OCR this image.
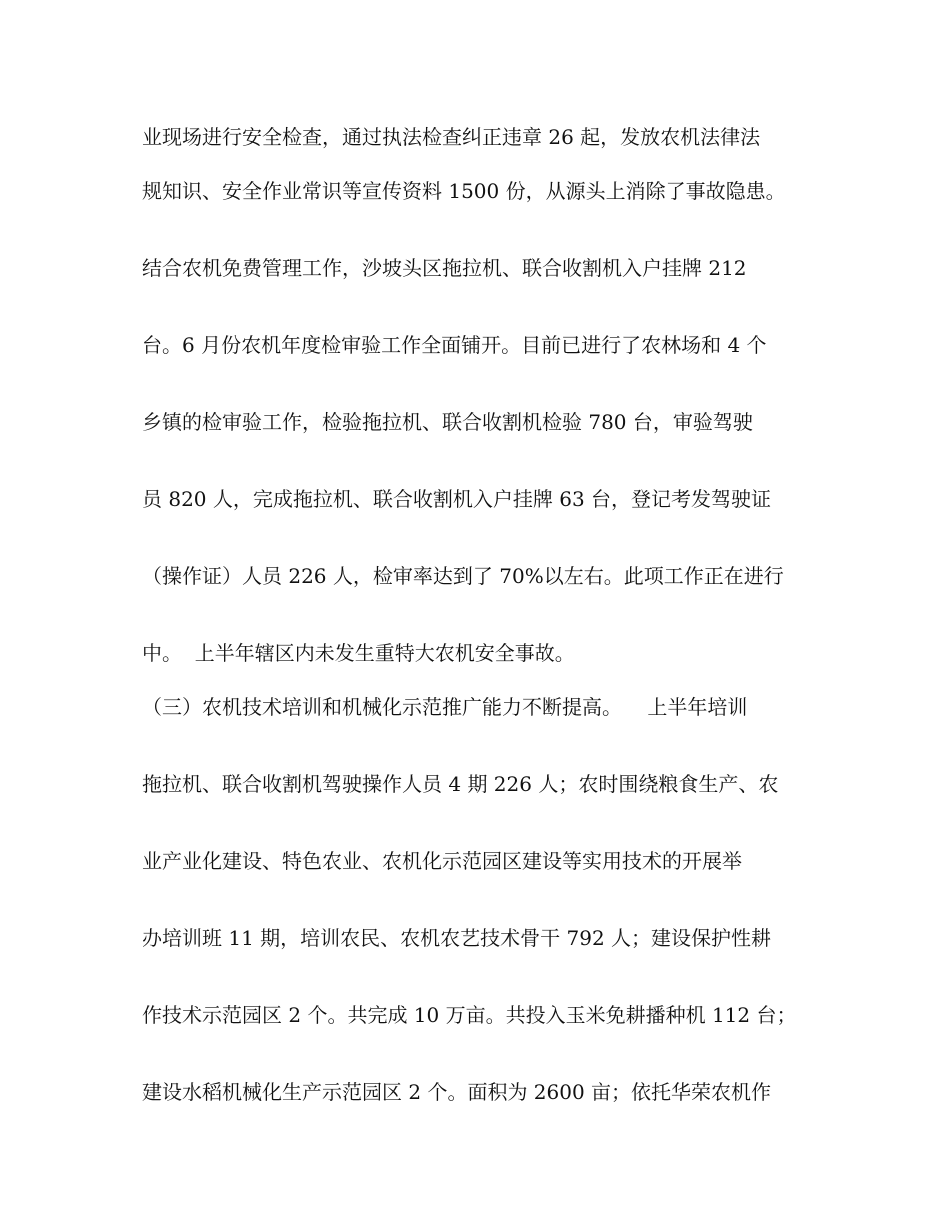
业现场进行安全检查，通过执法检查纠正违章 26 起，发放农机法律法
规知识、安全作业常识等宣传资料 1500 份，从源头上消除了事故隐患。
结合农机免费管理工作，沙坡头区拖拉机、联合收割机入户挂牌 212
台。6 月份农机年度检审验工作全面铺开。目前已进行了农林场和 4 个
乡镇的检审验工作，检验拖拉机、联合收割机检验 780 台，审验驾驶
员 820 人，完成拖拉机、联合收割机入户挂牌 63 台，登记考发驾驶证
（操作证）人员 226 人，检审率达到了 70%以左右。此项工作正在进行
中。  上半年辖区内未发生重特大农机安全事故。
（三）农机技术培训和机械化示范推广能力不断提高。    上半年培训
拖拉机、联合收割机驾驶操作人员 4 期 226 人；农时围绕粮食生产、农
业产业化建设、特色农业、农机化示范园区建设等实用技术的开展举
办培训班 11 期，培训农民、农机农艺技术骨干 792 人；建设保护性耕
作技术示范园区 2 个。共完成 10 万亩。共投入玉米免耕播种机 112 台；
建设水稻机械化生产示范园区 2 个。面积为 2600 亩；依托华荣农机作
